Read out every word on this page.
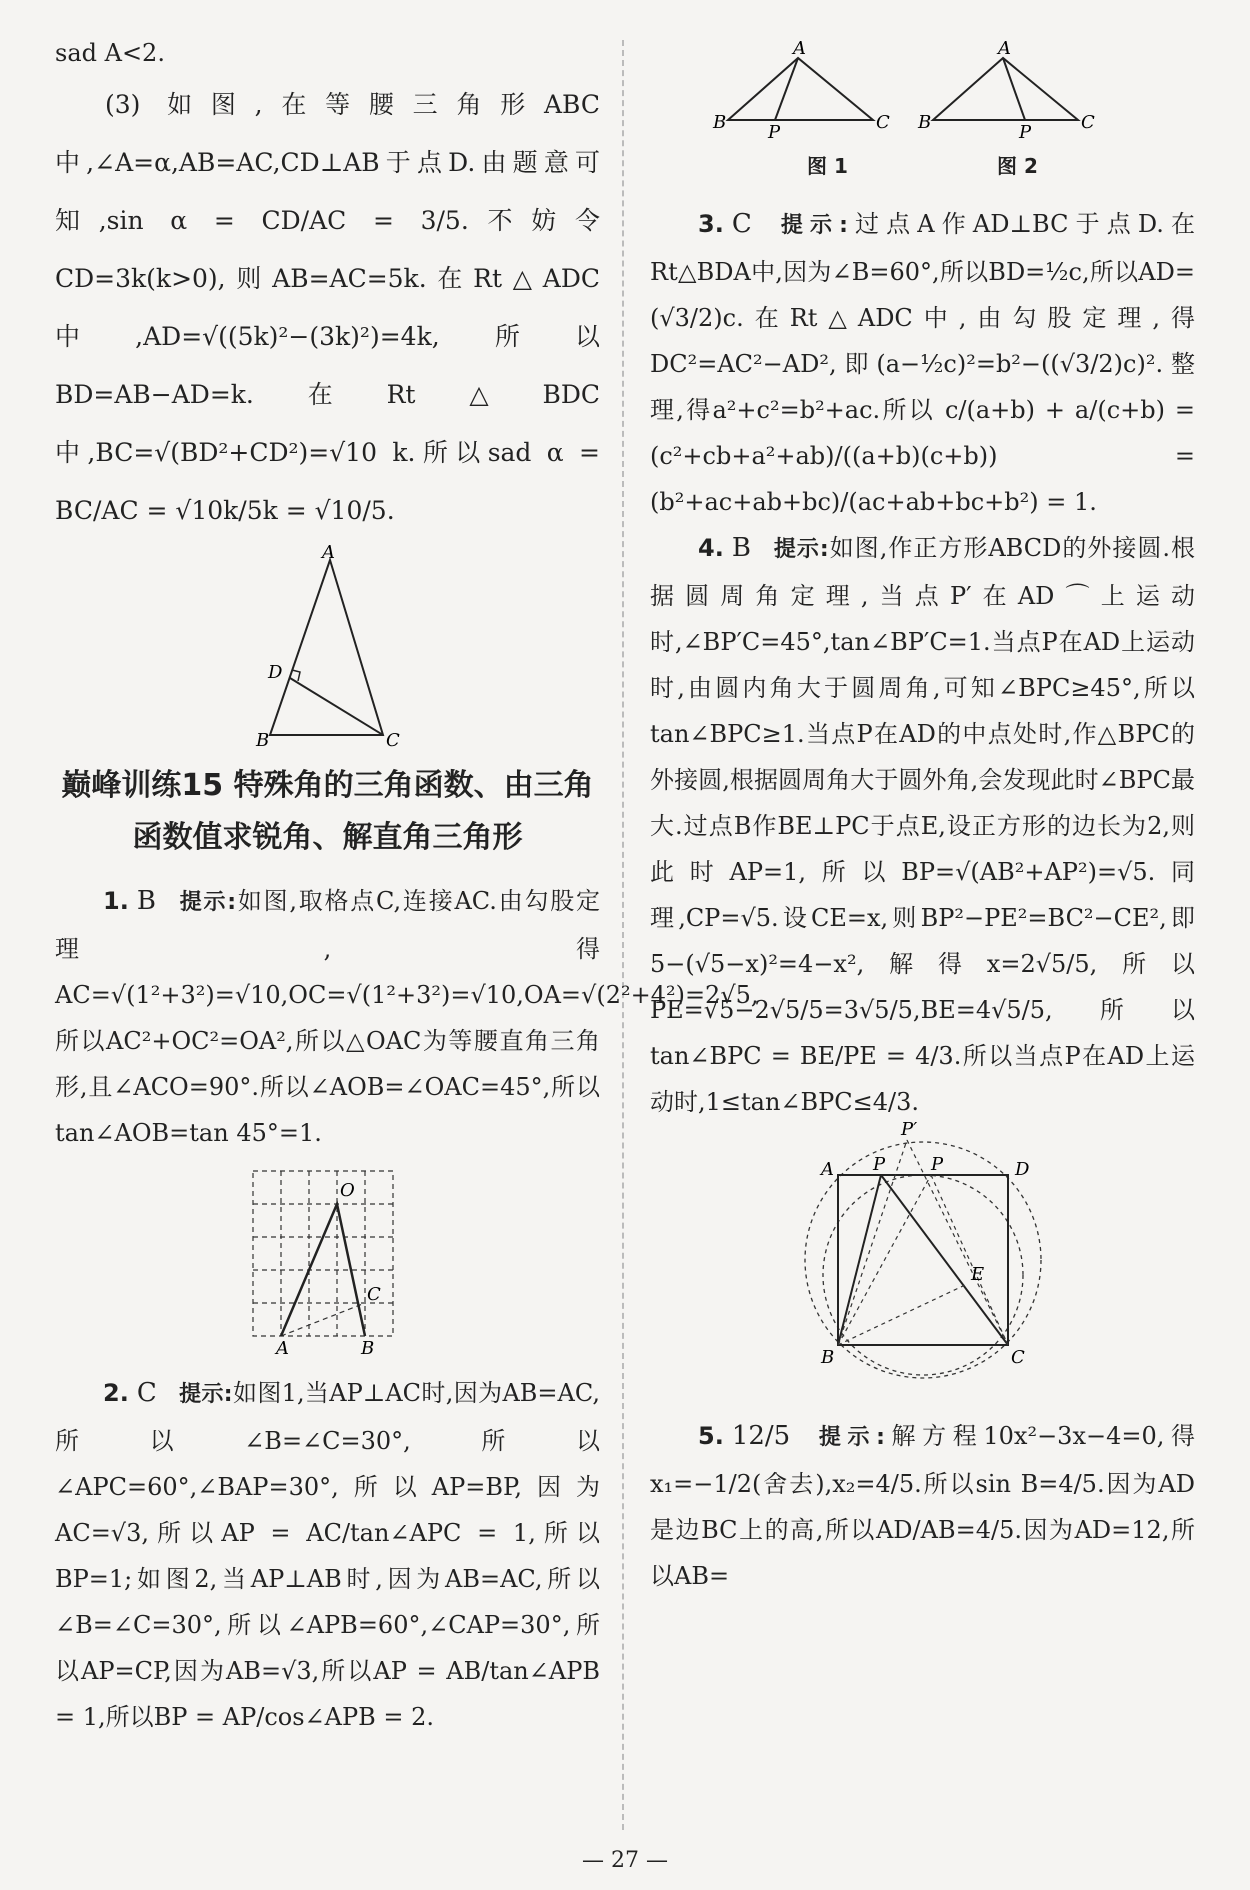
sad A<2.

(3) 如图,在等腰三角形ABC中,∠A=α,AB=AC,CD⊥AB于点D.由题意可知,sin α = CD/AC = 3/5.不妨令CD=3k(k>0),则AB=AC=5k.在Rt△ADC中,AD=√((5k)²−(3k)²)=4k,所以BD=AB−AD=k.在Rt△BDC中,BC=√(BD²+CD²)=√10 k.所以sad α = BC/AC = √10k/5k = √10/5.

A
D
B	C
巅峰训练15 特殊角的三角函数、由三角
函数值求锐角、解直角三角形

1. B 提示:如图,取格点C,连接AC.由勾股定理,得AC=√(1²+3²)=√10,OC=√(1²+3²)=√10,OA=√(2²+4²)=2√5,所以AC²+OC²=OA²,所以△OAC为等腰直角三角形,且∠ACO=90°.所以∠AOB=∠OAC=45°,所以tan∠AOB=tan 45°=1.

O
C
A	B

2. C 提示:如图1,当AP⊥AC时,因为AB=AC,所以∠B=∠C=30°,所以∠APC=60°,∠BAP=30°,所以AP=BP,因为AC=√3,所以AP = AC/tan∠APC = 1,所以BP=1;如图2,当AP⊥AB时,因为AB=AC,所以∠B=∠C=30°,所以∠APB=60°,∠CAP=30°,所以AP=CP,因为AB=√3,所以AP = AB/tan∠APB = 1,所以BP = AP/cos∠APB = 2.

A
B P	C
A
B	P	C
图 1	图 2

3. C 提示:过点A作AD⊥BC于点D.在Rt△BDA中,因为∠B=60°,所以BD=½c,所以AD=(√3/2)c.在Rt△ADC中,由勾股定理,得DC²=AC²−AD²,即(a−½c)²=b²−((√3/2)c)².整理,得a²+c²=b²+ac.所以 c/(a+b) + a/(c+b) = (c²+cb+a²+ab)/((a+b)(c+b)) = (b²+ac+ab+bc)/(ac+ab+bc+b²) = 1.

4. B 提示:如图,作正方形ABCD的外接圆.根据圆周角定理,当点P′在AD⌒上运动时,∠BP′C=45°,tan∠BP′C=1.当点P在AD上运动时,由圆内角大于圆周角,可知∠BPC≥45°,所以tan∠BPC≥1.当点P在AD的中点处时,作△BPC的外接圆,根据圆周角大于圆外角,会发现此时∠BPC最大.过点B作BE⊥PC于点E,设正方形的边长为2,则此时AP=1,所以BP=√(AB²+AP²)=√5.同理,CP=√5.设CE=x,则BP²−PE²=BC²−CE²,即5−(√5−x)²=4−x²,解得x=2√5/5,所以PE=√5−2√5/5=3√5/5,BE=4√5/5,所以tan∠BPC = BE/PE = 4/3.所以当点P在AD上运动时,1≤tan∠BPC≤4/3.

P′
A P	P	D
E
B	C

5. 12/5 提示:解方程10x²−3x−4=0,得x₁=−1/2(舍去),x₂=4/5.所以sin B=4/5.因为AD是边BC上的高,所以AD/AB=4/5.因为AD=12,所以AB=

— 27 —
